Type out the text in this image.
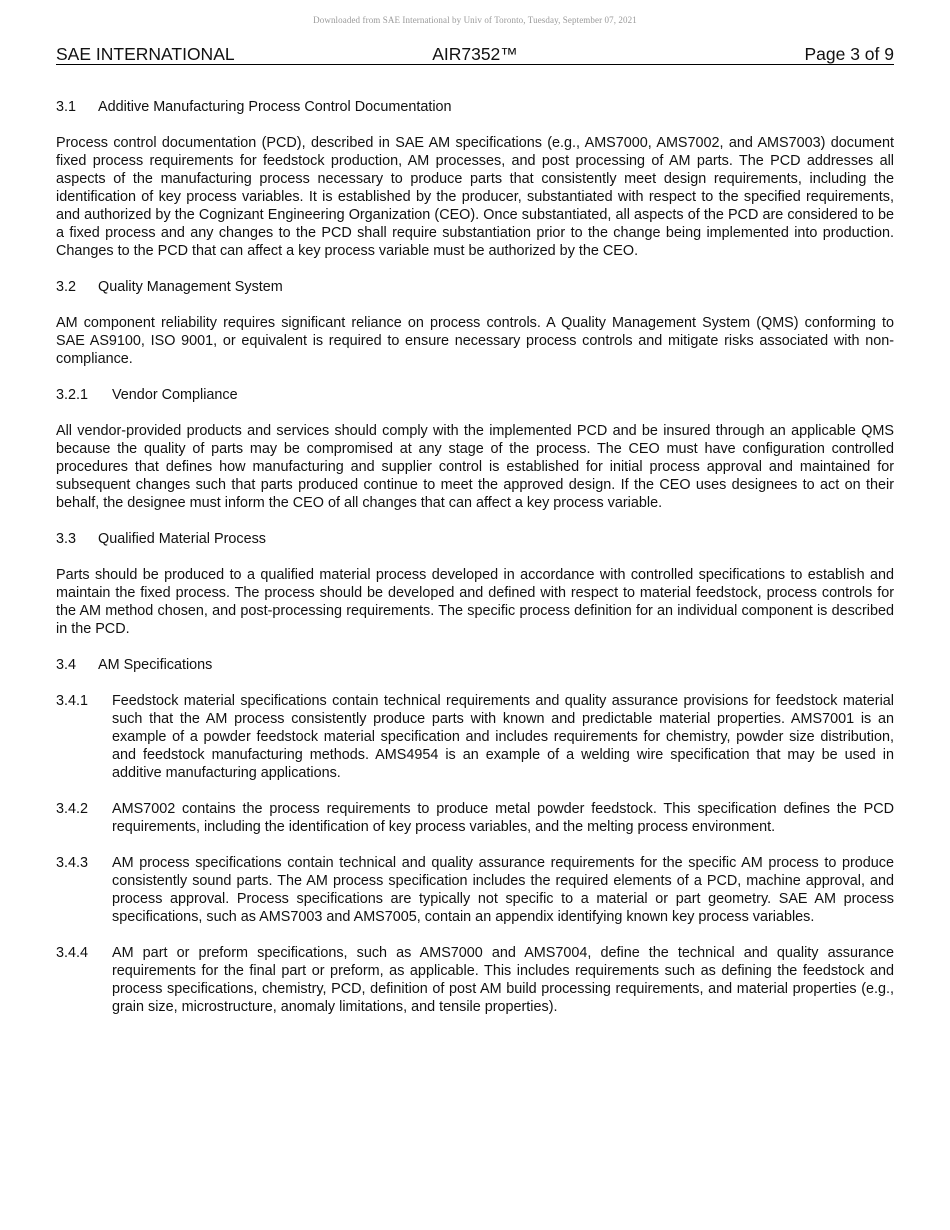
Downloaded from SAE International by Univ of Toronto, Tuesday, September 07, 2021
SAE INTERNATIONAL	AIR7352™	Page 3 of 9
3.1 Additive Manufacturing Process Control Documentation

Process control documentation (PCD), described in SAE AM specifications (e.g., AMS7000, AMS7002, and AMS7003) document fixed process requirements for feedstock production, AM processes, and post processing of AM parts. The PCD addresses all aspects of the manufacturing process necessary to produce parts that consistently meet design requirements, including the identification of key process variables. It is established by the producer, substantiated with respect to the specified requirements, and authorized by the Cognizant Engineering Organization (CEO). Once substantiated, all aspects of the PCD are considered to be a fixed process and any changes to the PCD shall require substantiation prior to the change being implemented into production. Changes to the PCD that can affect a key process variable must be authorized by the CEO.

3.2 Quality Management System

AM component reliability requires significant reliance on process controls. A Quality Management System (QMS) conforming to SAE AS9100, ISO 9001, or equivalent is required to ensure necessary process controls and mitigate risks associated with non-compliance.

3.2.1 Vendor Compliance

All vendor-provided products and services should comply with the implemented PCD and be insured through an applicable QMS because the quality of parts may be compromised at any stage of the process. The CEO must have configuration controlled procedures that defines how manufacturing and supplier control is established for initial process approval and maintained for subsequent changes such that parts produced continue to meet the approved design. If the CEO uses designees to act on their behalf, the designee must inform the CEO of all changes that can affect a key process variable.

3.3 Qualified Material Process

Parts should be produced to a qualified material process developed in accordance with controlled specifications to establish and maintain the fixed process. The process should be developed and defined with respect to material feedstock, process controls for the AM method chosen, and post-processing requirements. The specific process definition for an individual component is described in the PCD.

3.4 AM Specifications
3.4.1	Feedstock material specifications contain technical requirements and quality assurance provisions for feedstock material such that the AM process consistently produce parts with known and predictable material properties. AMS7001 is an example of a powder feedstock material specification and includes requirements for chemistry, powder size distribution, and feedstock manufacturing methods. AMS4954 is an example of a welding wire specification that may be used in additive manufacturing applications.
3.4.2	AMS7002 contains the process requirements to produce metal powder feedstock. This specification defines the PCD requirements, including the identification of key process variables, and the melting process environment.
3.4.3	AM process specifications contain technical and quality assurance requirements for the specific AM process to produce consistently sound parts. The AM process specification includes the required elements of a PCD, machine approval, and process approval. Process specifications are typically not specific to a material or part geometry. SAE AM process specifications, such as AMS7003 and AMS7005, contain an appendix identifying known key process variables.
3.4.4	AM part or preform specifications, such as AMS7000 and AMS7004, define the technical and quality assurance requirements for the final part or preform, as applicable. This includes requirements such as defining the feedstock and process specifications, chemistry, PCD, definition of post AM build processing requirements, and material properties (e.g., grain size, microstructure, anomaly limitations, and tensile properties).
